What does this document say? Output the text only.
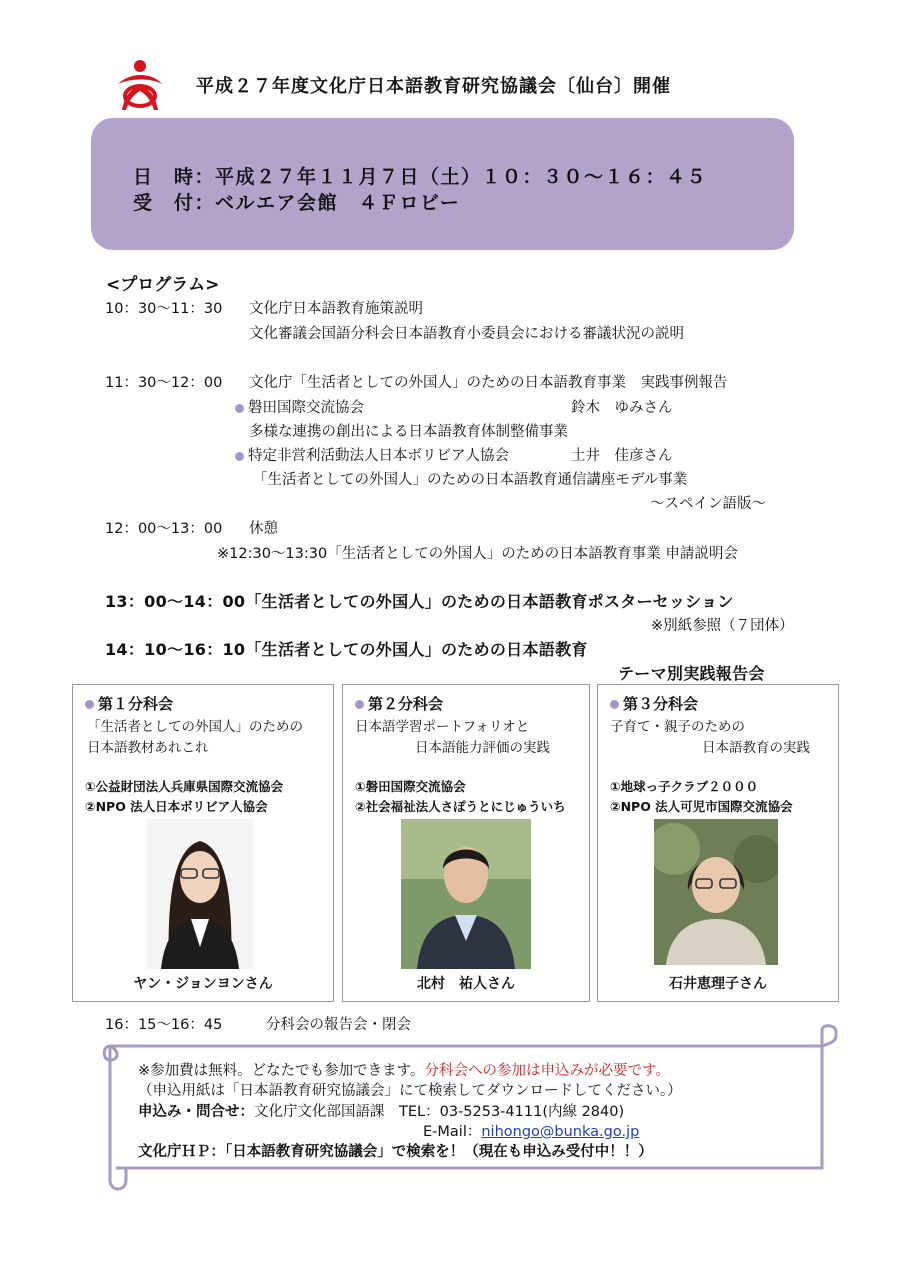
平成２７年度文化庁日本語教育研究協議会〔仙台〕開催
日　時：平成２７年１１月７日（土）１０：３０～１６：４５
受　付：ベルエア会館　４Ｆロビー
<プログラム>
10：30～11：30 文化庁日本語教育施策説明
文化審議会国語分科会日本語教育小委員会における審議状況の説明
11：30～12：00 文化庁「生活者としての外国人」のための日本語教育事業　実践事例報告
磐田国際交流協会	鈴木　ゆみさん
多様な連携の創出による日本語教育体制整備事業
特定非営利活動法人日本ボリビア人協会	土井　佳彦さん
「生活者としての外国人」のための日本語教育通信講座モデル事業
～スペイン語版～
12：00～13：00 休憩
※12:30～13:30「生活者としての外国人」のための日本語教育事業 申請説明会
13：00～14：00「生活者としての外国人」のための日本語教育ポスターセッション
※別紙参照（７団体）
14：10～16：10「生活者としての外国人」のための日本語教育
テーマ別実践報告会
第１分科会
「生活者としての外国人」のための
日本語教材あれこれ
①公益財団法人兵庫県国際交流協会
②NPO 法人日本ボリビア人協会
ヤン・ジョンヨンさん
第２分科会
日本語学習ポートフォリオと
日本語能力評価の実践
①磐田国際交流協会
②社会福祉法人さぽうとにじゅういち
北村　祐人さん
第３分科会
子育て・親子のための
日本語教育の実践
①地球っ子クラブ２０００
②NPO 法人可児市国際交流協会
石井恵理子さん
16：15～16：45	分科会の報告会・閉会
※参加費は無料。どなたでも参加できます。分科会への参加は申込みが必要です。
（申込用紙は「日本語教育研究協議会」にて検索してダウンロードしてください。）
申込み・問合せ：文化庁文化部国語課　TEL：03-5253-4111(内線 2840)
E-Mail：nihongo@bunka.go.jp
文化庁ＨＰ：「日本語教育研究協議会」で検索を！（現在も申込み受付中！！）
